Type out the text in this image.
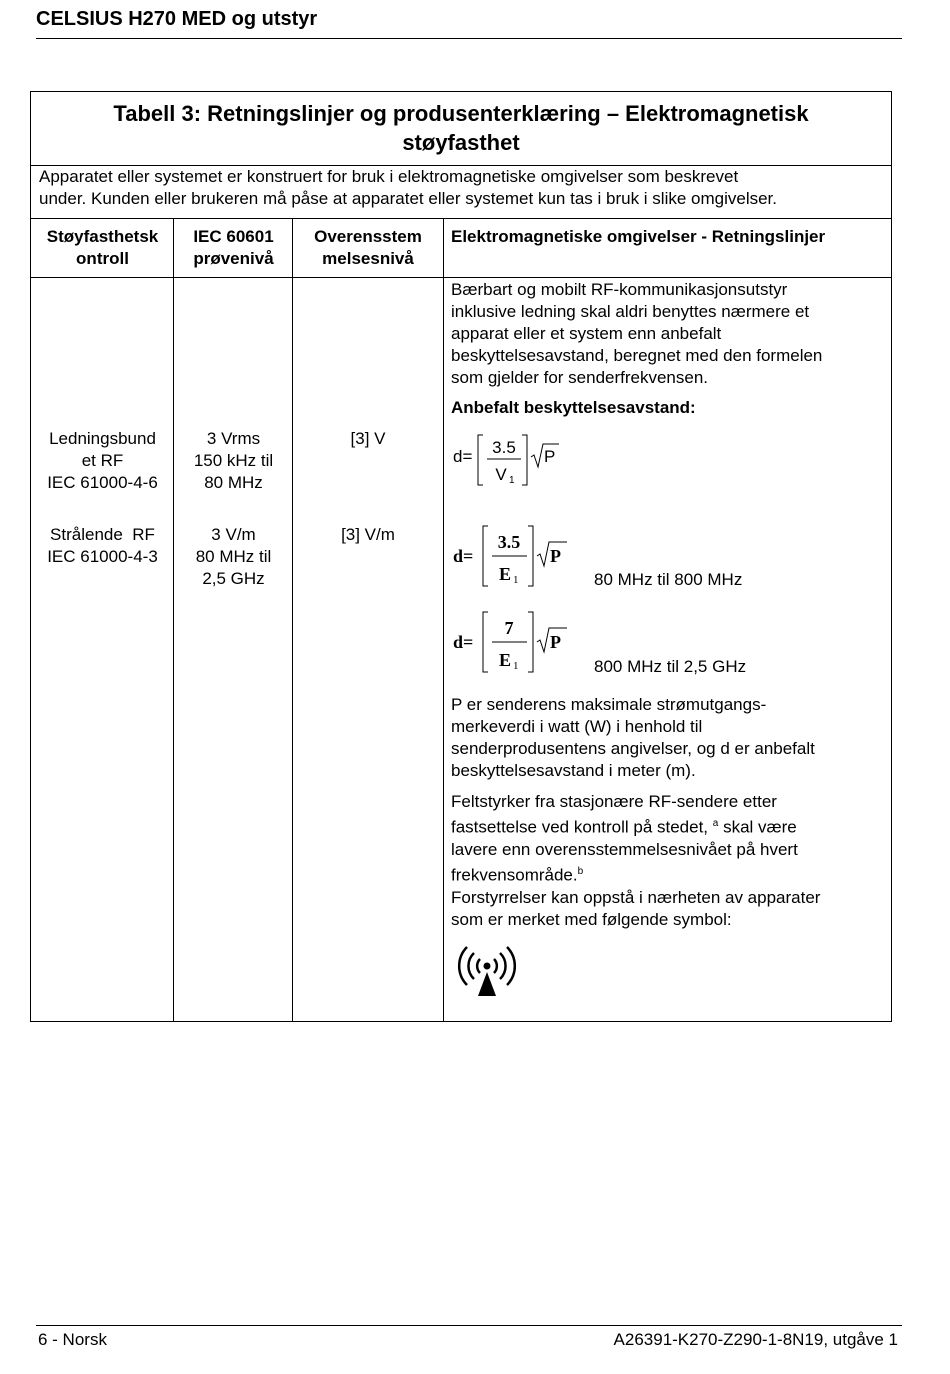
CELSIUS H270 MED og utstyr
Tabell 3: Retningslinjer og produsenterklæring – Elektromagnetisk
støyfasthet
Apparatet eller systemet er konstruert for bruk i elektromagnetiske omgivelser som beskrevet
under. Kunden eller brukeren må påse at apparatet eller systemet kun tas i bruk i slike omgivelser.
Støyfasthetsk
ontroll
IEC 60601
prøvenivå
Overensstem
melsesnivå
Elektromagnetiske omgivelser - Retningslinjer
Ledningsbund
et RF
IEC 61000-4-6
3 Vrms
150 kHz til
80 MHz
[3] V
Strålende  RF
IEC 61000-4-3
3 V/m
80 MHz til
2,5 GHz
[3] V/m
Bærbart og mobilt RF-kommunikasjonsutstyr
inklusive ledning skal aldri benyttes nærmere et
apparat eller et system enn anbefalt
beskyttelsesavstand, beregnet med den formelen
som gjelder for senderfrekvensen.
Anbefalt beskyttelsesavstand:
d= 3.5
V 1
P
d=
3.5
E 1
P
80 MHz til 800 MHz
d=
7
E 1
P
800 MHz til 2,5 GHz
P er senderens maksimale strømutgangs-
merkeverdi i watt (W) i henhold til
senderprodusentens angivelser, og d er anbefalt
beskyttelsesavstand i meter (m).
Feltstyrker fra stasjonære RF-sendere etter
fastsettelse ved kontroll på stedet, $^a$ skal være
lavere enn overensstemmelsesnivået på hvert
frekvensområde.$^b$
Forstyrrelser kan oppstå i nærheten av apparater
som er merket med følgende symbol:
6 - Norsk	A26391-K270-Z290-1-8N19, utgåve 1
